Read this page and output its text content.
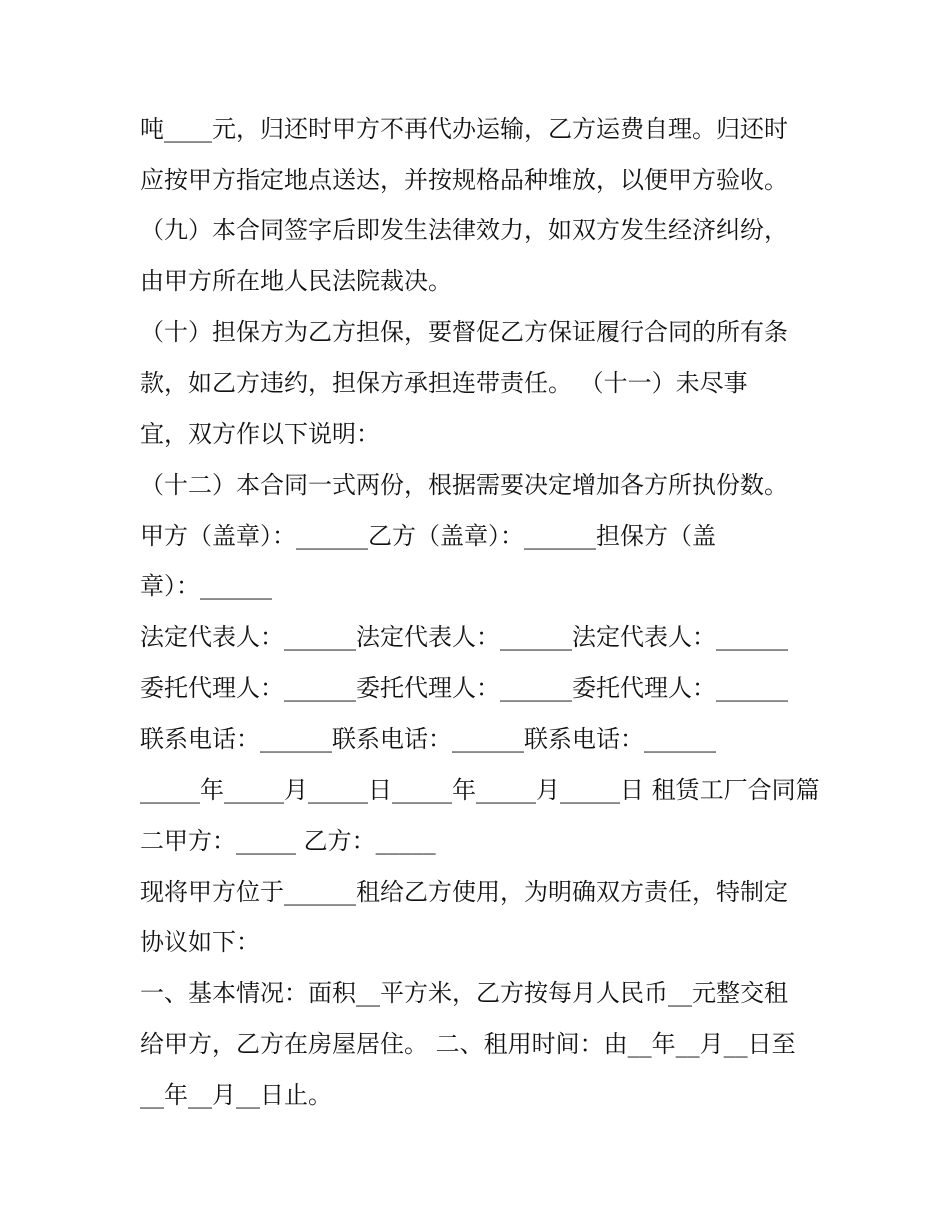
吨____元，归还时甲方不再代办运输，乙方运费自理。归还时
应按甲方指定地点送达，并按规格品种堆放，以便甲方验收。
（九）本合同签字后即发生法律效力，如双方发生经济纠纷，
由甲方所在地人民法院裁决。
（十）担保方为乙方担保，要督促乙方保证履行合同的所有条
款，如乙方违约，担保方承担连带责任。 （十一）未尽事
宜，双方作以下说明：
（十二）本合同一式两份，根据需要决定增加各方所执份数。
甲方（盖章）：______乙方（盖章）：______担保方（盖
章）：______
法定代表人：______法定代表人：______法定代表人：______
委托代理人：______委托代理人：______委托代理人：______
联系电话：______联系电话：______联系电话：______
_____年_____月_____日_____年_____月_____日 租赁工厂合同篇
二甲方：_____ 乙方：_____
现将甲方位于______租给乙方使用，为明确双方责任，特制定
协议如下：
一、基本情况：面积__平方米，乙方按每月人民币__元整交租
给甲方，乙方在房屋居住。 二、租用时间：由__年__月__日至
__年__月__日止。
